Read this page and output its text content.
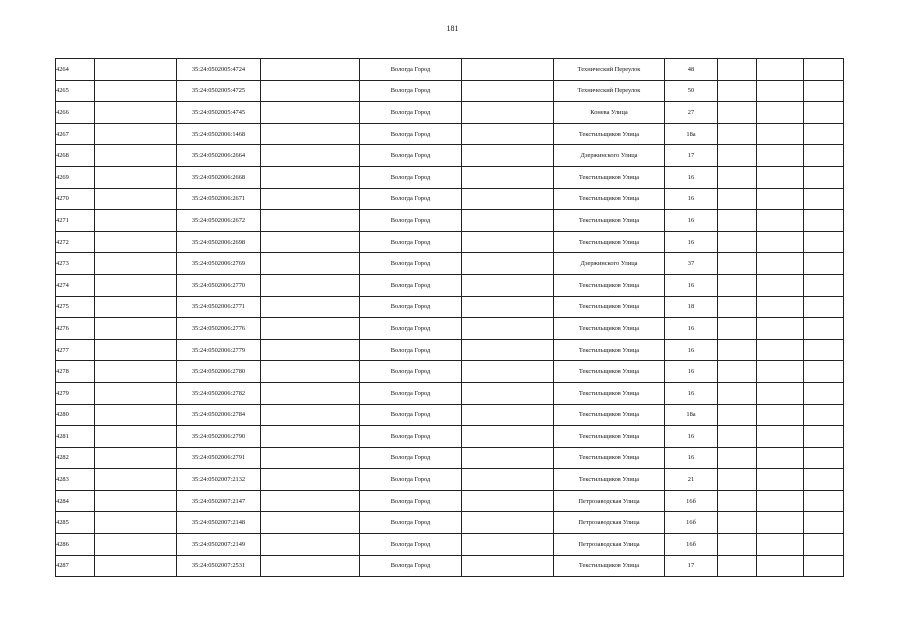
181
4264		35:24:0502005:4724		Вологда Город		Технический Переулок	48			
4265		35:24:0502005:4725		Вологда Город		Технический Переулок	50			
4266		35:24:0502005:4745		Вологда Город		Конева Улица	27			
4267		35:24:0502006:1468		Вологда Город		Текстильщиков Улица	18а			
4268		35:24:0502006:2664		Вологда Город		Дзержинского Улица	17			
4269		35:24:0502006:2668		Вологда Город		Текстильщиков Улица	16			
4270		35:24:0502006:2671		Вологда Город		Текстильщиков Улица	16			
4271		35:24:0502006:2672		Вологда Город		Текстильщиков Улица	16			
4272		35:24:0502006:2698		Вологда Город		Текстильщиков Улица	16			
4273		35:24:0502006:2769		Вологда Город		Дзержинского Улица	37			
4274		35:24:0502006:2770		Вологда Город		Текстильщиков Улица	16			
4275		35:24:0502006:2771		Вологда Город		Текстильщиков Улица	18			
4276		35:24:0502006:2776		Вологда Город		Текстильщиков Улица	16			
4277		35:24:0502006:2779		Вологда Город		Текстильщиков Улица	16			
4278		35:24:0502006:2780		Вологда Город		Текстильщиков Улица	16			
4279		35:24:0502006:2782		Вологда Город		Текстильщиков Улица	16			
4280		35:24:0502006:2784		Вологда Город		Текстильщиков Улица	18а			
4281		35:24:0502006:2790		Вологда Город		Текстильщиков Улица	16			
4282		35:24:0502006:2791		Вологда Город		Текстильщиков Улица	16			
4283		35:24:0502007:2132		Вологда Город		Текстильщиков Улица	21			
4284		35:24:0502007:2147		Вологда Город		Петрозаводская Улица	16б			
4285		35:24:0502007:2148		Вологда Город		Петрозаводская Улица	16б			
4286		35:24:0502007:2149		Вологда Город		Петрозаводская Улица	16б			
4287		35:24:0502007:2531		Вологда Город		Текстильщиков Улица	17			
